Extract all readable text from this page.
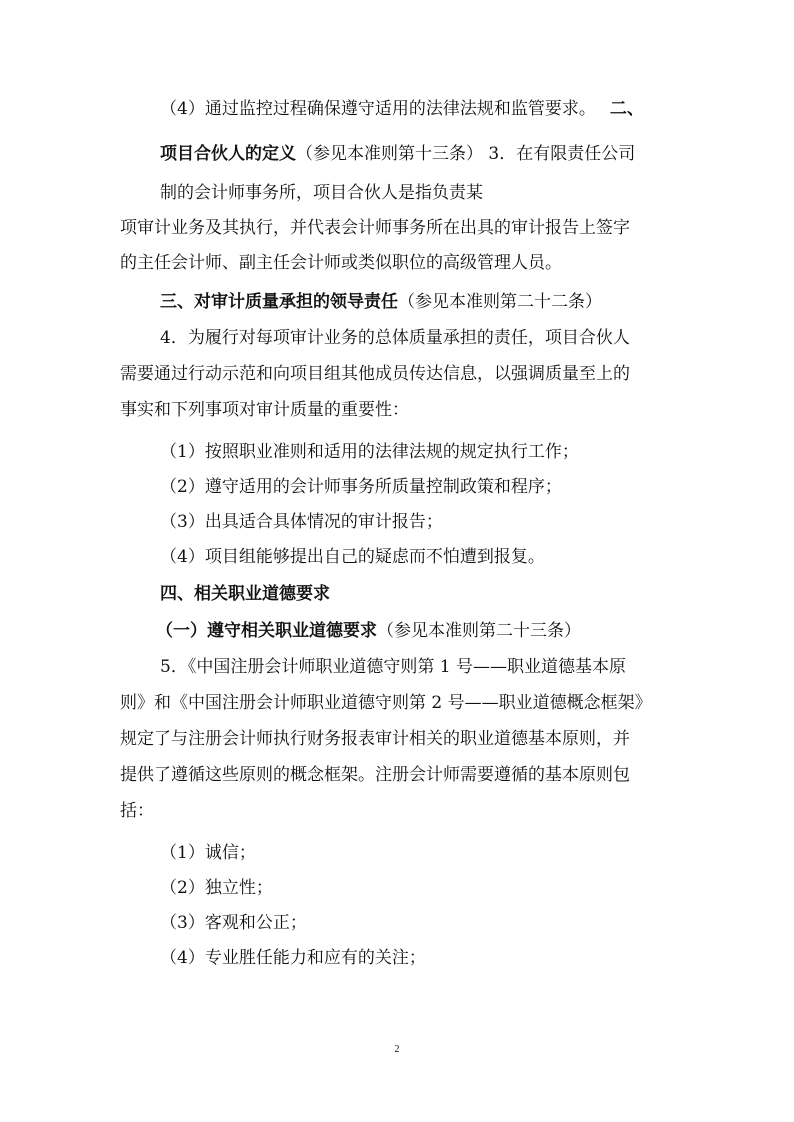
（4）通过监控过程确保遵守适用的法律法规和监管要求。 二、
项目合伙人的定义（参见本准则第十三条） 3．在有限责任公司
制的会计师事务所，项目合伙人是指负责某
项审计业务及其执行，并代表会计师事务所在出具的审计报告上签字
的主任会计师、副主任会计师或类似职位的高级管理人员。
三、对审计质量承担的领导责任（参见本准则第二十二条）
4．为履行对每项审计业务的总体质量承担的责任，项目合伙人
需要通过行动示范和向项目组其他成员传达信息，以强调质量至上的
事实和下列事项对审计质量的重要性：
（1）按照职业准则和适用的法律法规的规定执行工作；
（2）遵守适用的会计师事务所质量控制政策和程序；
（3）出具适合具体情况的审计报告；
（4）项目组能够提出自己的疑虑而不怕遭到报复。
四、相关职业道德要求
（一）遵守相关职业道德要求（参见本准则第二十三条）
5．《中国注册会计师职业道德守则第 1 号——职业道德基本原
则》和《中国注册会计师职业道德守则第 2 号——职业道德概念框架》
规定了与注册会计师执行财务报表审计相关的职业道德基本原则，并
提供了遵循这些原则的概念框架。注册会计师需要遵循的基本原则包
括：
（1）诚信；
（2）独立性；
（3）客观和公正；
（4）专业胜任能力和应有的关注；
2
